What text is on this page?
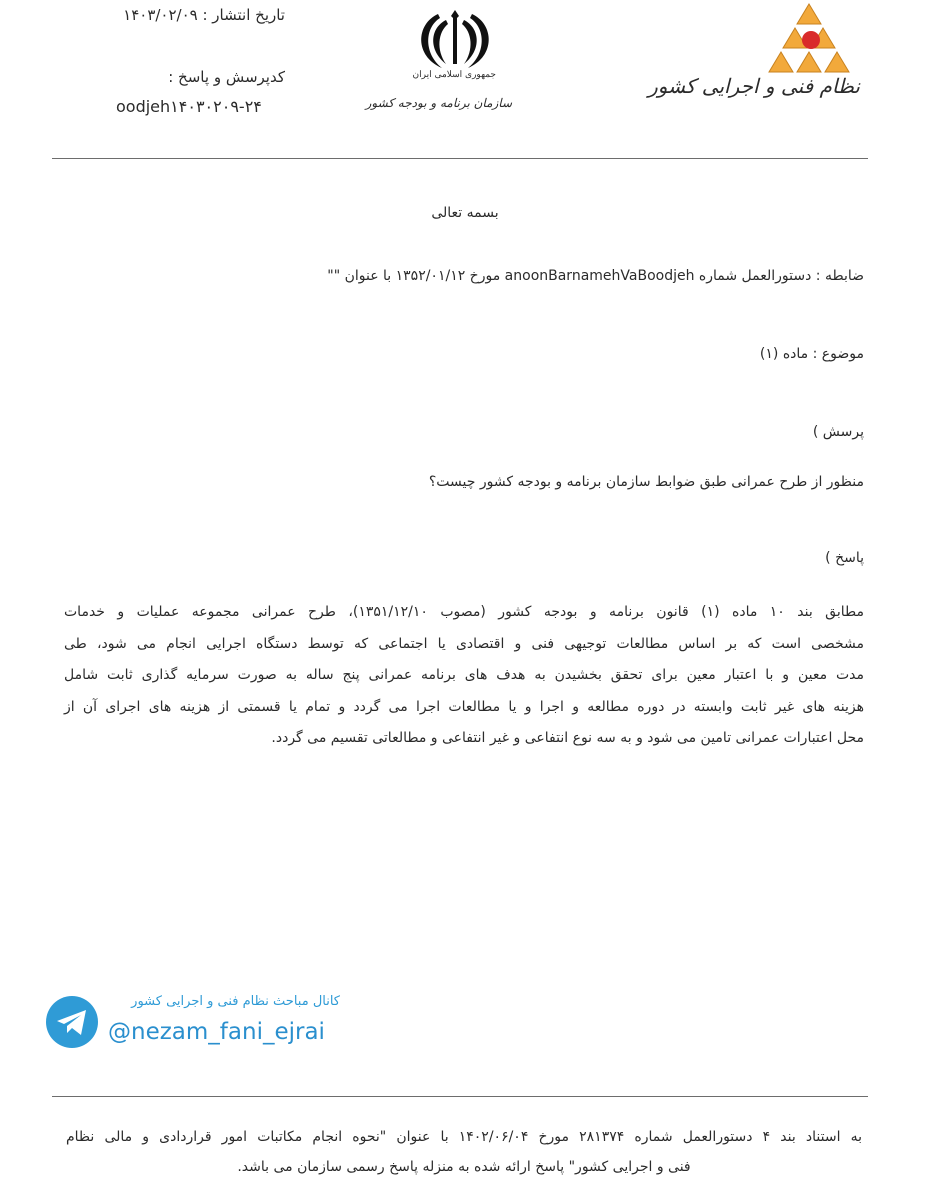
تاریخ انتشار : ۱۴۰۳/۰۲/۰۹
کدپرسش و پاسخ :
oodjeh۱۴۰۳۰۲۰۹-۲۴
جمهوری اسلامی ایران
سازمان برنامه و بودجه کشور
نظام فنی و اجرایی کشور
بسمه تعالی
ضابطه : دستورالعمل شماره anoonBarnamehVaBoodjeh مورخ ۱۳۵۲/۰۱/۱۲ با عنوان ""
موضوع : ماده (۱)
پرسش )
منظور از طرح عمرانی طبق ضوابط سازمان برنامه و بودجه کشور چیست؟
پاسخ )
مطابق بند ۱۰ ماده (۱) قانون برنامه و بودجه کشور (مصوب ۱۳۵۱/۱۲/۱۰)، طرح عمرانی مجموعه عملیات و خدمات
مشخصی است که بر اساس مطالعات توجیهی فنی و اقتصادی یا اجتماعی که توسط دستگاه اجرایی انجام می شود، طی
مدت معین و با اعتبار معین برای تحقق بخشیدن به هدف های برنامه عمرانی پنج ساله به صورت سرمایه گذاری ثابت شامل
هزینه های غیر ثابت وابسته در دوره مطالعه و اجرا و یا مطالعات اجرا می گردد و تمام یا قسمتی از هزینه های اجرای آن از
محل اعتبارات عمرانی تامین می شود و به سه نوع انتفاعی و غیر انتفاعی و مطالعاتی تقسیم می گردد.
کانال مباحث نظام فنی و اجرایی کشور
@nezam_fani_ejrai
به استناد بند ۴ دستورالعمل شماره ۲۸۱۳۷۴ مورخ ۱۴۰۲/۰۶/۰۴ با عنوان "نحوه انجام مکاتبات امور قراردادی و مالی نظام
فنی و اجرایی کشور" پاسخ ارائه شده به منزله پاسخ رسمی سازمان می باشد.
